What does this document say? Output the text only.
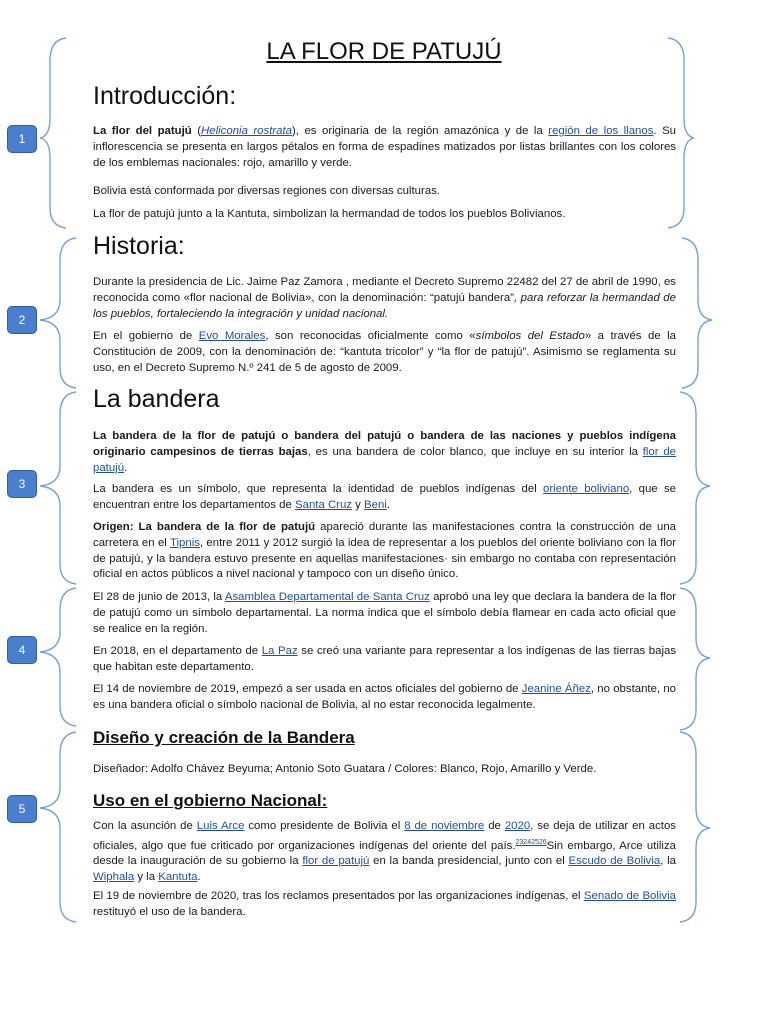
1
2
3
4
5
LA FLOR DE PATUJÚ
Introducción:

La flor del patujú (Heliconia rostrata), es originaria de la región amazónica y de la región de los llanos. Su inflorescencia se presenta en largos pétalos en forma de espadines matizados por listas brillantes con los colores de los emblemas nacionales: rojo, amarillo y verde.

Bolivia está conformada por diversas regiones con diversas culturas.

La flor de patujú junto a la Kantuta, simbolizan la hermandad de todos los pueblos Bolivianos.

Historia:

Durante la presidencia de Lic. Jaime Paz Zamora , mediante el Decreto Supremo 22482 del 27 de abril de 1990, es reconocida como «flor nacional de Bolivia», con la denominación: “patujú bandera”, para reforzar la hermandad de los pueblos, fortaleciendo la integración y unidad nacional.

En el gobierno de Evo Morales, son reconocidas oficialmente como «símbolos del Estado» a través de la Constitución de 2009, con la denominación de: “kantuta tricolor” y “la flor de patujú”. Asimismo se reglamenta su uso, en el Decreto Supremo N.º 241 de 5 de agosto de 2009.

La bandera

La bandera de la flor de patujú o bandera del patujú o bandera de las naciones y pueblos indígena originario campesinos de tierras bajas, es una bandera de color blanco, que incluye en su interior la flor de patujú.

La bandera es un símbolo, que representa la identidad de pueblos indígenas del oriente boliviano, que se encuentran entre los departamentos de Santa Cruz y Beni.

Origen: La bandera de la flor de patujú apareció durante las manifestaciones contra la construcción de una carretera en el Tipnis, entre 2011 y 2012 surgió la idea de representar a los pueblos del oriente boliviano con la flor de patujú, y la bandera estuvo presente en aquellas manifestaciones· sin embargo no contaba con representación oficial en actos públicos a nivel nacional y tampoco con un diseño único.

El 28 de junio de 2013, la Asamblea Departamental de Santa Cruz aprobó una ley que declara la bandera de la flor de patujú como un símbolo departamental. La norma indica que el símbolo debía flamear en cada acto oficial que se realice en la región.

En 2018, en el departamento de La Paz se creó una variante para representar a los indígenas de las tierras bajas que habitan este departamento.

El 14 de noviembre de 2019, empezó a ser usada en actos oficiales del gobierno de Jeanine Áñez, no obstante, no es una bandera oficial o símbolo nacional de Bolivia, al no estar reconocida legalmente.

Diseño y creación de la Bandera

Diseñador: Adolfo Chávez Beyuma; Antonio Soto Guatara / Colores: Blanco, Rojo, Amarillo y Verde.

Uso en el gobierno Nacional:

Con la asunción de Luis Arce como presidente de Bolivia el 8 de noviembre de 2020, se deja de utilizar en actos oficiales, algo que fue criticado por organizaciones indígenas del oriente del país.$^{23242526}$Sin embargo, Arce utiliza desde la inauguración de su gobierno la flor de patujú en la banda presidencial, junto con el Escudo de Bolivia, la Wiphala y la Kantuta.

El 19 de noviembre de 2020, tras los reclamos presentados por las organizaciones indígenas, el Senado de Bolivia restituyó el uso de la bandera.
